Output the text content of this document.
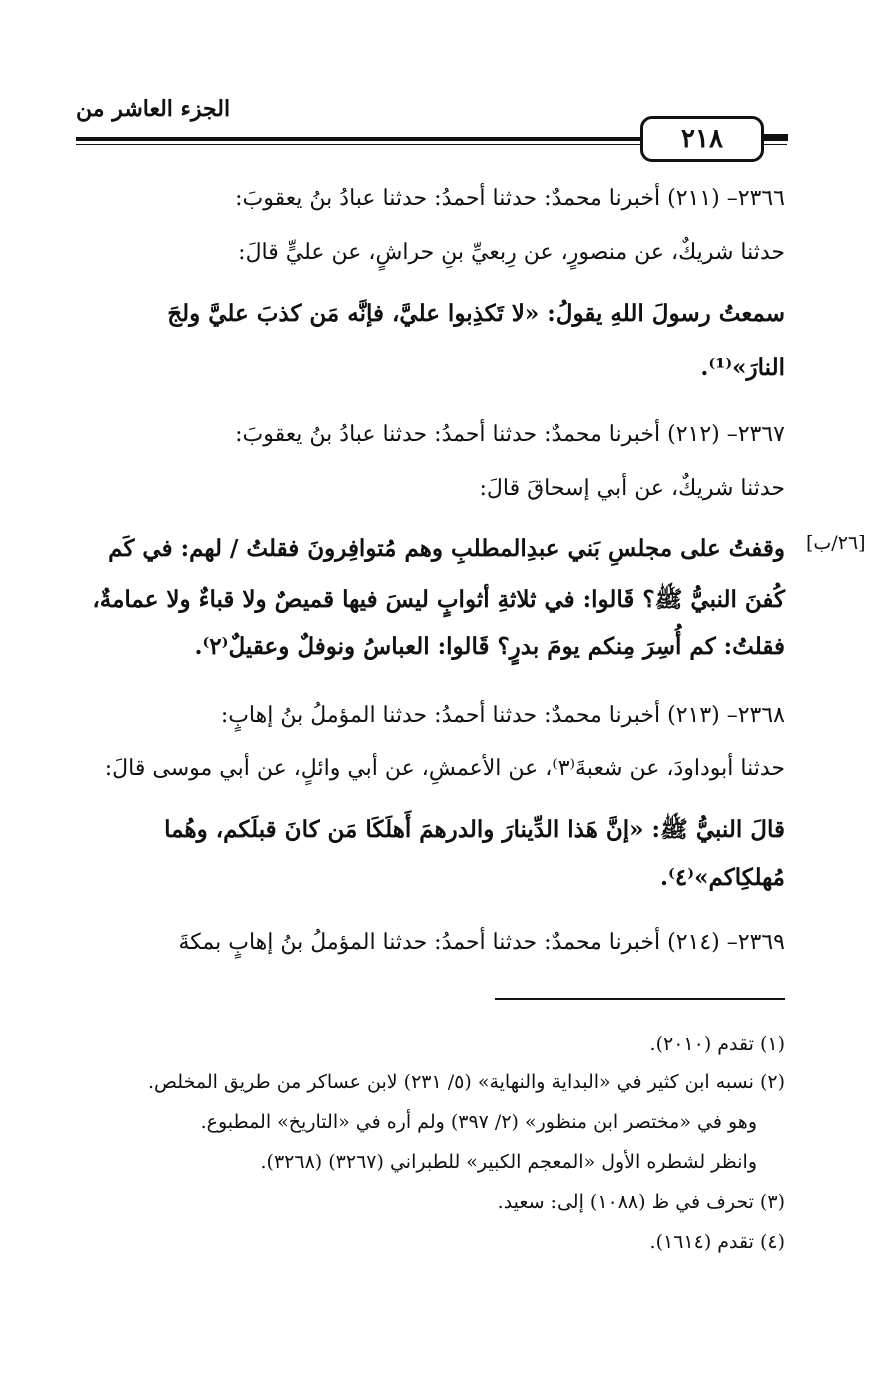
الجزء العاشر من
٢١٨
[٢٦/ب]
٢٣٦٦– (٢١١) أخبرنا محمدٌ: حدثنا أحمدُ: حدثنا عبادُ بنُ يعقوبَ:
حدثنا شريكٌ، عن منصورٍ، عن رِبعيِّ بنِ حراشٍ، عن عليٍّ قالَ:
سمعتُ رسولَ اللهِ يقولُ: «لا تَكذِبوا عليَّ، فإنَّه مَن كذبَ عليَّ ولجَ
النارَ»⁽¹⁾.
٢٣٦٧– (٢١٢) أخبرنا محمدٌ: حدثنا أحمدُ: حدثنا عبادُ بنُ يعقوبَ:
حدثنا شريكٌ، عن أبي إسحاقَ قالَ:
وقفتُ على مجلسِ بَني عبدِالمطلبِ وهم مُتوافِرونَ فقلتُ / لهم: في كَم
كُفنَ النبيُّ ﷺ؟ قَالوا: في ثلاثةِ أثوابٍ ليسَ فيها قميصٌ ولا قباءٌ ولا عمامةٌ،
فقلتُ: كم أُسِرَ مِنكم يومَ بدرٍ؟ قَالوا: العباسُ ونوفلٌ وعقيلٌ⁽٢⁾.
٢٣٦٨– (٢١٣) أخبرنا محمدٌ: حدثنا أحمدُ: حدثنا المؤملُ بنُ إهابٍ:
حدثنا أبوداودَ، عن شعبةَ⁽٣⁾، عن الأعمشِ، عن أبي وائلٍ، عن أبي موسى قالَ:
قالَ النبيُّ ﷺ: «إنَّ هَذا الدِّينارَ والدرهمَ أَهلَكَا مَن كانَ قبلَكم، وهُما
مُهلكِاكم»⁽٤⁾.
٢٣٦٩– (٢١٤) أخبرنا محمدٌ: حدثنا أحمدُ: حدثنا المؤملُ بنُ إهابٍ بمكةَ
(١) تقدم (٢٠١٠).
(٢) نسبه ابن كثير في «البداية والنهاية» (٥/ ٢٣١) لابن عساكر من طريق المخلص.
وهو في «مختصر ابن منظور» (٢/ ٣٩٧) ولم أره في «التاريخ» المطبوع.
وانظر لشطره الأول «المعجم الكبير» للطبراني (٣٢٦٧) (٣٢٦٨).
(٣) تحرف في ظ (١٠٨٨) إلى: سعيد.
(٤) تقدم (١٦١٤).
